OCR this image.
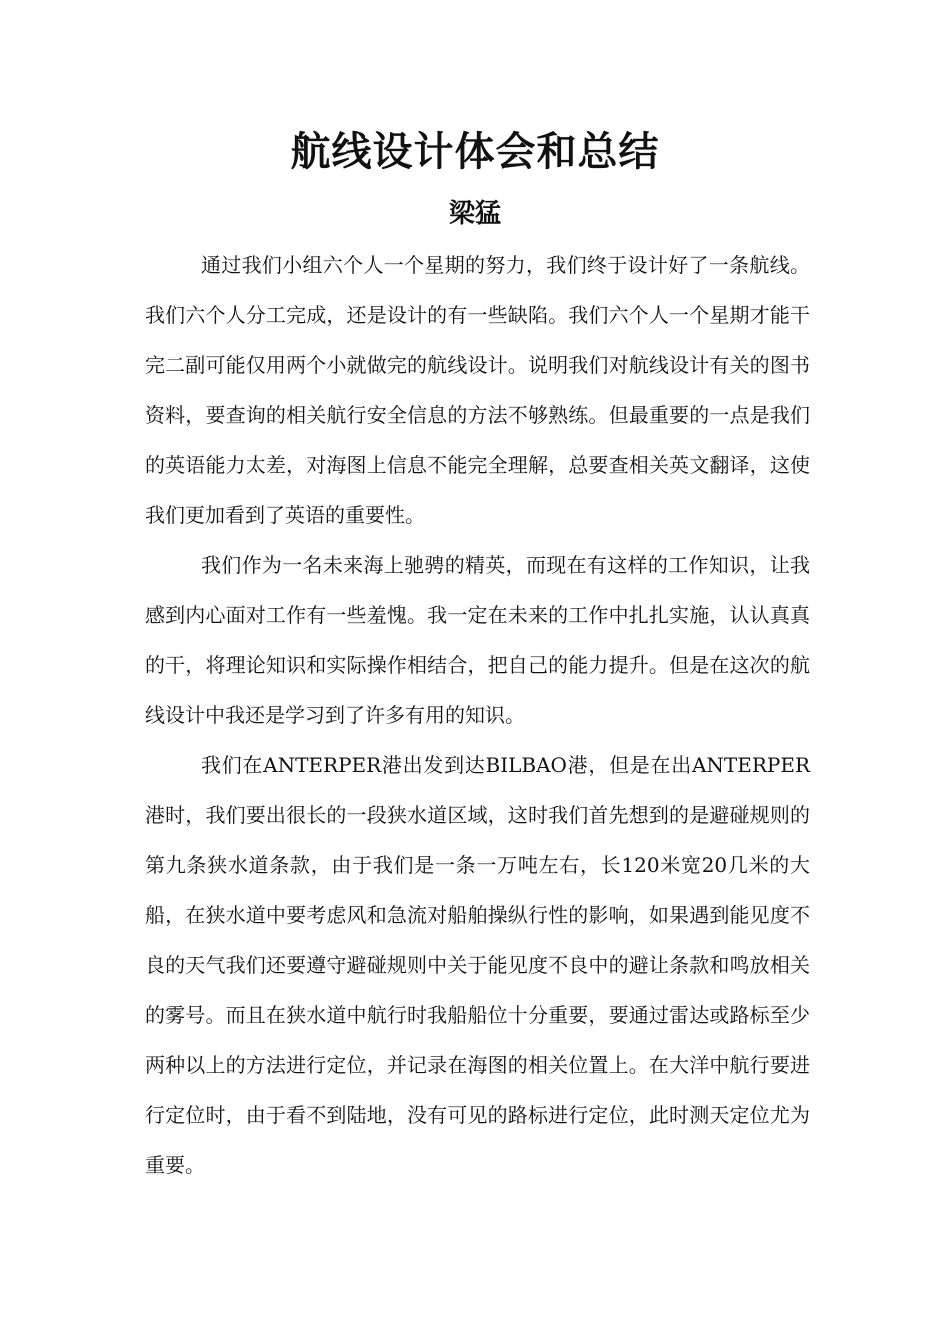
航线设计体会和总结
梁猛

通过我们小组六个人一个星期的努力，我们终于设计好了一条航线。我们六个人分工完成，还是设计的有一些缺陷。我们六个人一个星期才能干完二副可能仅用两个小就做完的航线设计。说明我们对航线设计有关的图书资料，要查询的相关航行安全信息的方法不够熟练。但最重要的一点是我们的英语能力太差，对海图上信息不能完全理解，总要查相关英文翻译，这使我们更加看到了英语的重要性。

我们作为一名未来海上驰骋的精英，而现在有这样的工作知识，让我感到内心面对工作有一些羞愧。我一定在未来的工作中扎扎实施，认认真真的干，将理论知识和实际操作相结合，把自己的能力提升。但是在这次的航线设计中我还是学习到了许多有用的知识。

我们在ANTERPER港出发到达BILBAO港，但是在出ANTERPER港时，我们要出很长的一段狭水道区域，这时我们首先想到的是避碰规则的第九条狭水道条款，由于我们是一条一万吨左右，长120米宽20几米的大船，在狭水道中要考虑风和急流对船舶操纵行性的影响，如果遇到能见度不良的天气我们还要遵守避碰规则中关于能见度不良中的避让条款和鸣放相关的雾号。而且在狭水道中航行时我船船位十分重要，要通过雷达或路标至少两种以上的方法进行定位，并记录在海图的相关位置上。在大洋中航行要进行定位时，由于看不到陆地，没有可见的路标进行定位，此时测天定位尤为重要。
